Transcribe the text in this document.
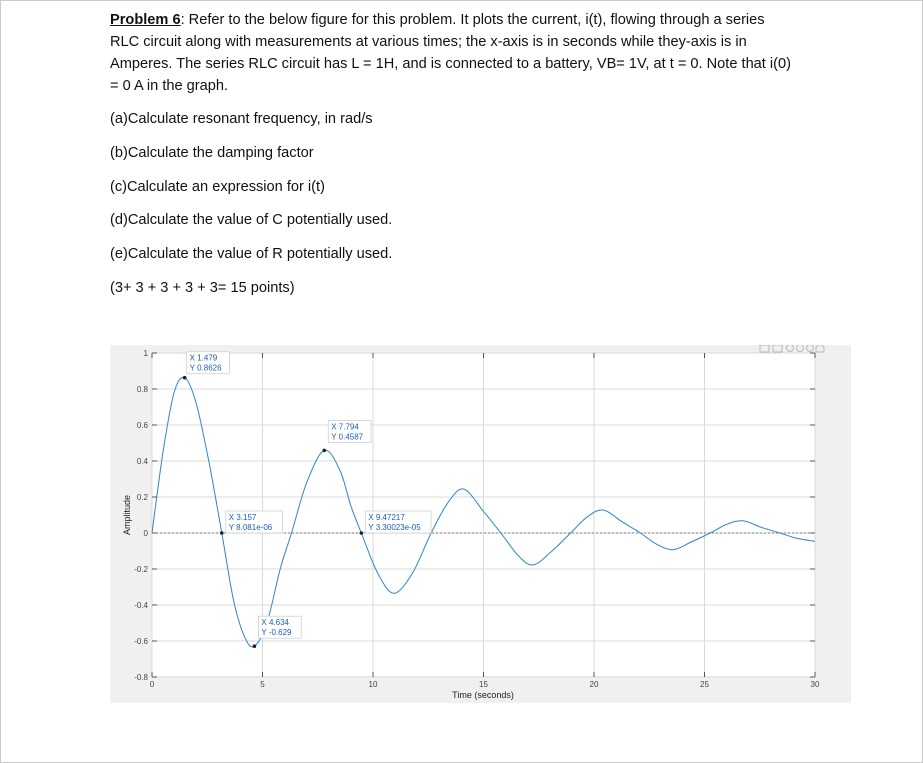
Problem 6: Refer to the below figure for this problem. It plots the current, i(t), flowing through a series

RLC circuit along with measurements at various times; the x-axis is in seconds while they-axis is in

Amperes. The series RLC circuit has L = 1H, and is connected to a battery, VB= 1V, at t = 0. Note that i(0)

= 0 A in the graph.

(a)Calculate resonant frequency, in rad/s
(b)Calculate the damping factor
(c)Calculate an expression for i(t)
(d)Calculate the value of C potentially used.
(e)Calculate the value of R potentially used.
(3+ 3 + 3 + 3 + 3= 15 points)
0	5	10	15	20	25	30
1
0.8
0.6
0.4
0.2
0
-0.2
-0.4
-0.6
-0.8
X 1.479
Y 0.8626
X 3.157
Y 8.081e-06
X 4.634
Y -0.629
X 7.794
Y 0.4587
X 9.47217
Y 3.30023e-05
Time (seconds)
Amplitude
